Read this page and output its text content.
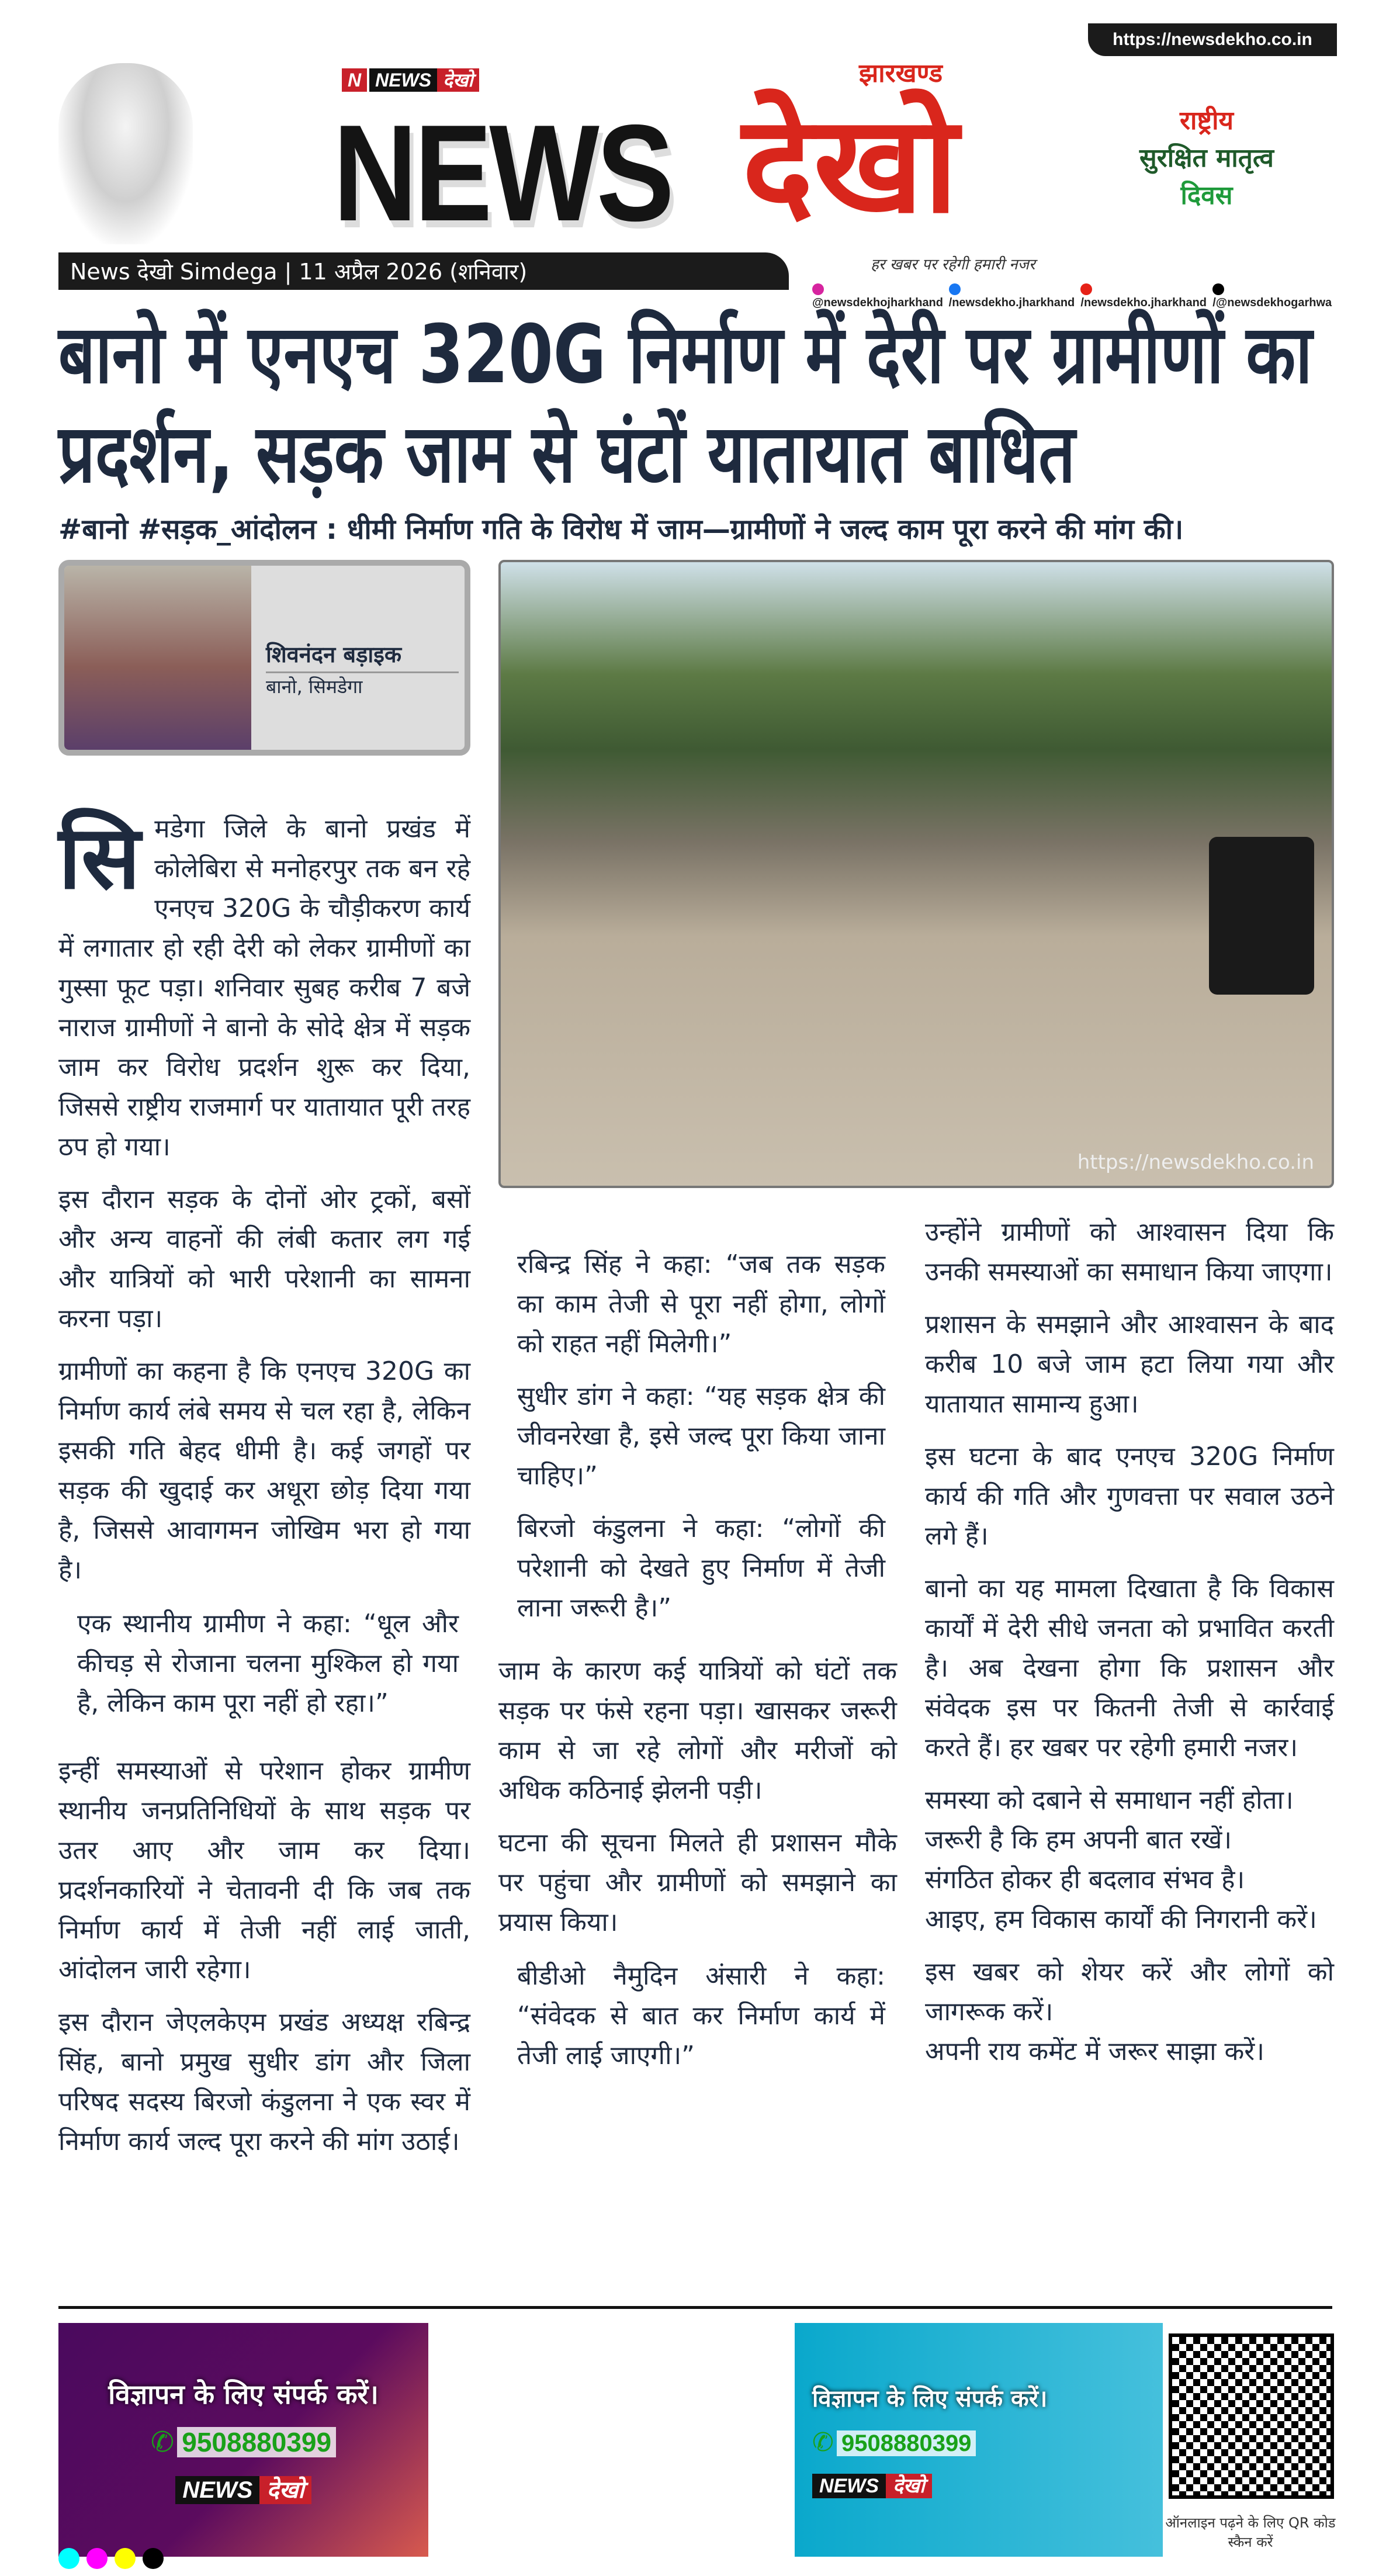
https://newsdekho.co.in
N NEWS देखो
NEWS देखो
झारखण्ड
हर खबर पर रहेगी हमारी नजर
राष्ट्रीय
सुरक्षित मातृत्व
दिवस
News देखो Simdega | 11 अप्रैल 2026 (शनिवार)
@newsdekhojharkhand /newsdekho.jharkhand /newsdekho.jharkhand /@newsdekhogarhwa
बानो में एनएच 320G निर्माण में देरी पर ग्रामीणों का प्रदर्शन, सड़क जाम से घंटों यातायात बाधित
#बानो #सड़क_आंदोलन : धीमी निर्माण गति के विरोध में जाम—ग्रामीणों ने जल्द काम पूरा करने की मांग की।
शिवनंदन बड़ाइक
बानो, सिमडेगा
https://newsdekho.co.in

सिमडेगा जिले के बानो प्रखंड में कोलेबिरा से मनोहरपुर तक बन रहे एनएच 320G के चौड़ीकरण कार्य में लगातार हो रही देरी को लेकर ग्रामीणों का गुस्सा फूट पड़ा। शनिवार सुबह करीब 7 बजे नाराज ग्रामीणों ने बानो के सोदे क्षेत्र में सड़क जाम कर विरोध प्रदर्शन शुरू कर दिया, जिससे राष्ट्रीय राजमार्ग पर यातायात पूरी तरह ठप हो गया।

इस दौरान सड़क के दोनों ओर ट्रकों, बसों और अन्य वाहनों की लंबी कतार लग गई और यात्रियों को भारी परेशानी का सामना करना पड़ा।

ग्रामीणों का कहना है कि एनएच 320G का निर्माण कार्य लंबे समय से चल रहा है, लेकिन इसकी गति बेहद धीमी है। कई जगहों पर सड़क की खुदाई कर अधूरा छोड़ दिया गया है, जिससे आवागमन जोखिम भरा हो गया है।

एक स्थानीय ग्रामीण ने कहा: “धूल और कीचड़ से रोजाना चलना मुश्किल हो गया है, लेकिन काम पूरा नहीं हो रहा।”

इन्हीं समस्याओं से परेशान होकर ग्रामीण स्थानीय जनप्रतिनिधियों के साथ सड़क पर उतर आए और जाम कर दिया। प्रदर्शनकारियों ने चेतावनी दी कि जब तक निर्माण कार्य में तेजी नहीं लाई जाती, आंदोलन जारी रहेगा।

इस दौरान जेएलकेएम प्रखंड अध्यक्ष रबिन्द्र सिंह, बानो प्रमुख सुधीर डांग और जिला परिषद सदस्य बिरजो कंडुलना ने एक स्वर में निर्माण कार्य जल्द पूरा करने की मांग उठाई।

रबिन्द्र सिंह ने कहा: “जब तक सड़क का काम तेजी से पूरा नहीं होगा, लोगों को राहत नहीं मिलेगी।”

सुधीर डांग ने कहा: “यह सड़क क्षेत्र की जीवनरेखा है, इसे जल्द पूरा किया जाना चाहिए।”

बिरजो कंडुलना ने कहा: “लोगों की परेशानी को देखते हुए निर्माण में तेजी लाना जरूरी है।”

जाम के कारण कई यात्रियों को घंटों तक सड़क पर फंसे रहना पड़ा। खासकर जरूरी काम से जा रहे लोगों और मरीजों को अधिक कठिनाई झेलनी पड़ी।

घटना की सूचना मिलते ही प्रशासन मौके पर पहुंचा और ग्रामीणों को समझाने का प्रयास किया।

बीडीओ नैमुदिन अंसारी ने कहा: “संवेदक से बात कर निर्माण कार्य में तेजी लाई जाएगी।”

उन्होंने ग्रामीणों को आश्वासन दिया कि उनकी समस्याओं का समाधान किया जाएगा।

प्रशासन के समझाने और आश्वासन के बाद करीब 10 बजे जाम हटा लिया गया और यातायात सामान्य हुआ।

इस घटना के बाद एनएच 320G निर्माण कार्य की गति और गुणवत्ता पर सवाल उठने लगे हैं।

बानो का यह मामला दिखाता है कि विकास कार्यों में देरी सीधे जनता को प्रभावित करती है। अब देखना होगा कि प्रशासन और संवेदक इस पर कितनी तेजी से कार्रवाई करते हैं। हर खबर पर रहेगी हमारी नजर।

समस्या को दबाने से समाधान नहीं होता।
जरूरी है कि हम अपनी बात रखें।
संगठित होकर ही बदलाव संभव है।
आइए, हम विकास कार्यों की निगरानी करें।
इस खबर को शेयर करें और लोगों को जागरूक करें।
अपनी राय कमेंट में जरूर साझा करें।
विज्ञापन के लिए संपर्क करें।
✆ 9508880399
NEWS देखो
विज्ञापन के लिए संपर्क करें।
✆ 9508880399
NEWS देखो
ऑनलाइन पढ़ने के लिए QR कोड स्कैन करें
